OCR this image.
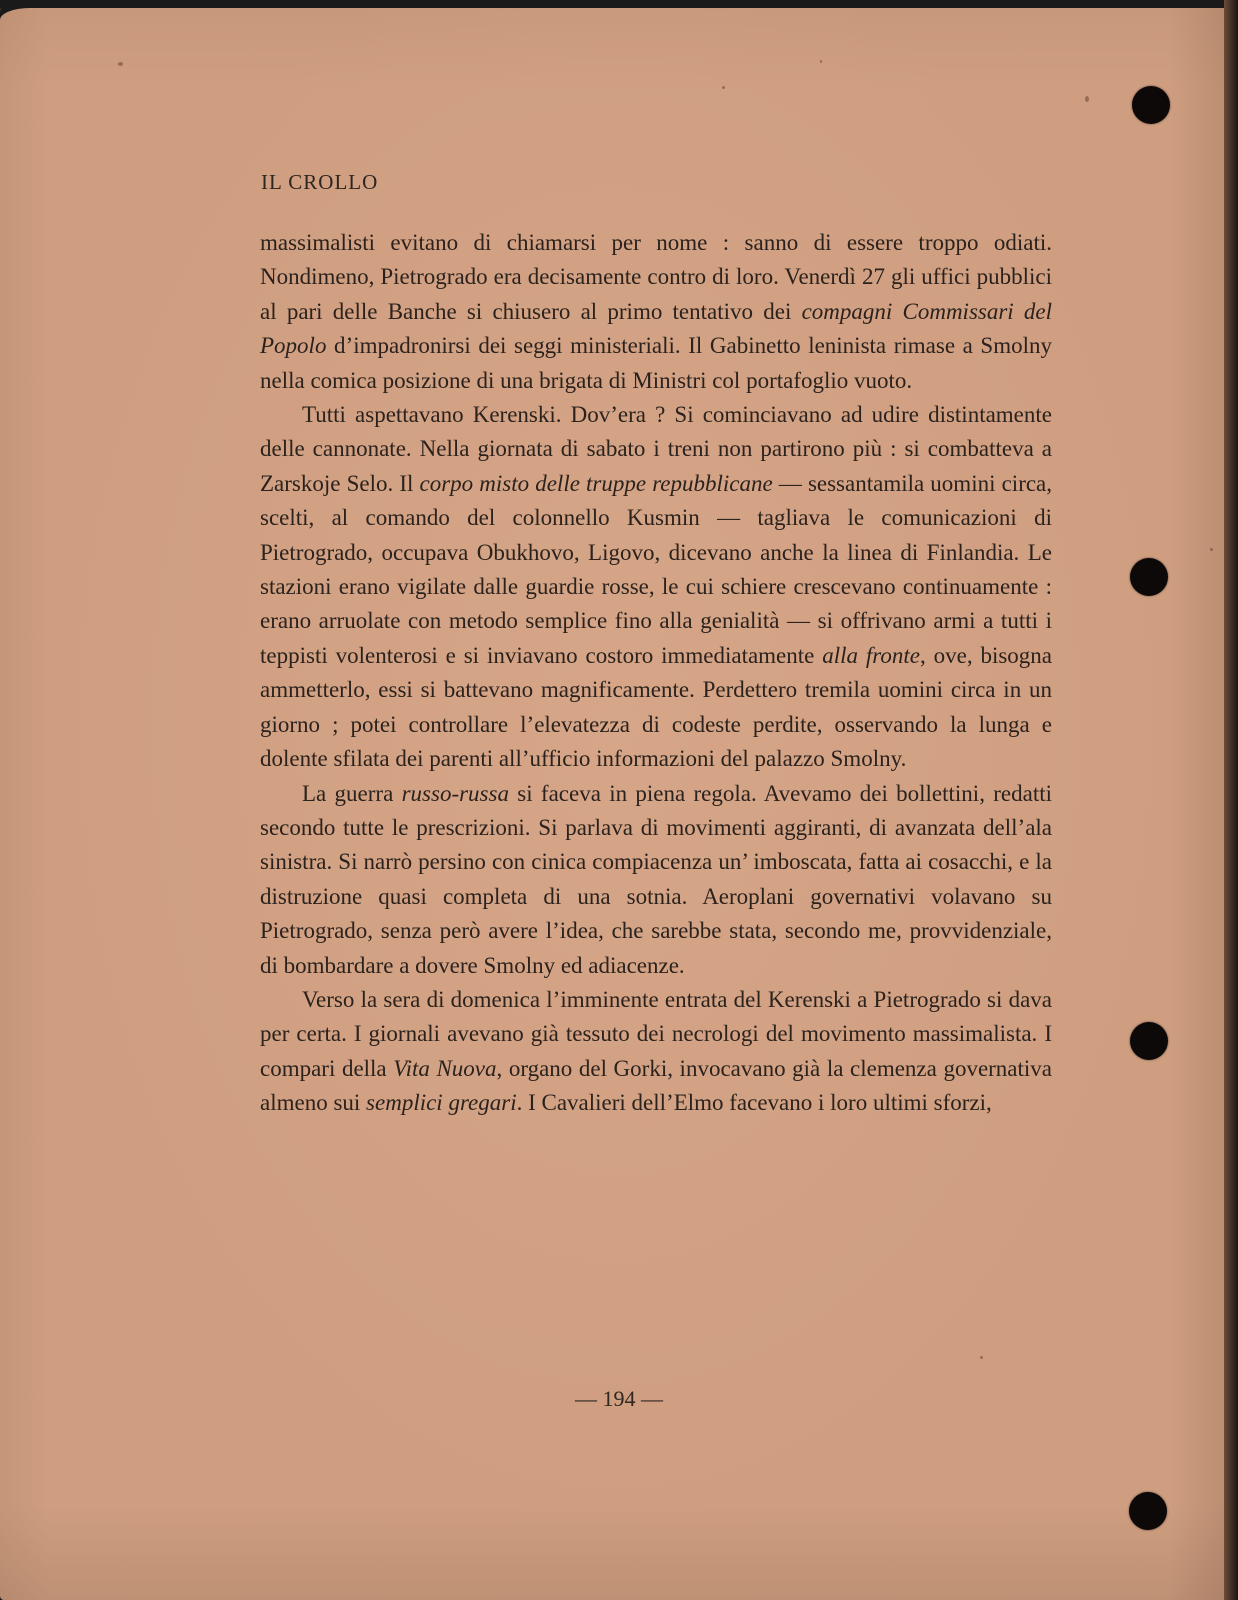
IL CROLLO

massimalisti evitano di chiamarsi per nome : sanno di essere troppo odiati. Nondimeno, Pietrogrado era decisamente contro di loro. Venerdì 27 gli uffici pubblici al pari delle Banche si chiusero al primo tentativo dei compagni Commissari del Popolo d’impadronirsi dei seggi ministeriali. Il Gabinetto leninista rimase a Smolny nella comica posizione di una brigata di Ministri col portafoglio vuoto.

Tutti aspettavano Kerenski. Dov’era ? Si cominciavano ad udire distintamente delle cannonate. Nella giornata di sabato i treni non partirono più : si combatteva a Zarskoje Selo. Il corpo misto delle truppe repubblicane — sessantamila uomini circa, scelti, al comando del colonnello Kusmin — tagliava le comunicazioni di Pietrogrado, occupava Obukhovo, Ligovo, dicevano anche la linea di Finlandia. Le stazioni erano vigilate dalle guardie rosse, le cui schiere crescevano continuamente : erano arruolate con metodo semplice fino alla genialità — si offrivano armi a tutti i teppisti volenterosi e si inviavano costoro immediatamente alla fronte, ove, bisogna ammetterlo, essi si battevano magnificamente. Perdettero tremila uomini circa in un giorno ; potei controllare l’elevatezza di codeste perdite, osservando la lunga e dolente sfilata dei parenti all’ufficio informazioni del palazzo Smolny.

La guerra russo-russa si faceva in piena regola. Avevamo dei bollettini, redatti secondo tutte le prescrizioni. Si parlava di movimenti aggiranti, di avanzata dell’ala sinistra. Si narrò persino con cinica compiacenza un’ imboscata, fatta ai cosacchi, e la distruzione quasi completa di una sotnia. Aeroplani governativi volavano su Pietrogrado, senza però avere l’idea, che sarebbe stata, secondo me, provvidenziale, di bombardare a dovere Smolny ed adiacenze.

Verso la sera di domenica l’imminente entrata del Kerenski a Pietrogrado si dava per certa. I giornali avevano già tessuto dei necrologi del movimento massimalista. I compari della Vita Nuova, organo del Gorki, invocavano già la clemenza governativa almeno sui semplici gregari. I Cavalieri dell’Elmo facevano i loro ultimi sforzi,

— 194 —
